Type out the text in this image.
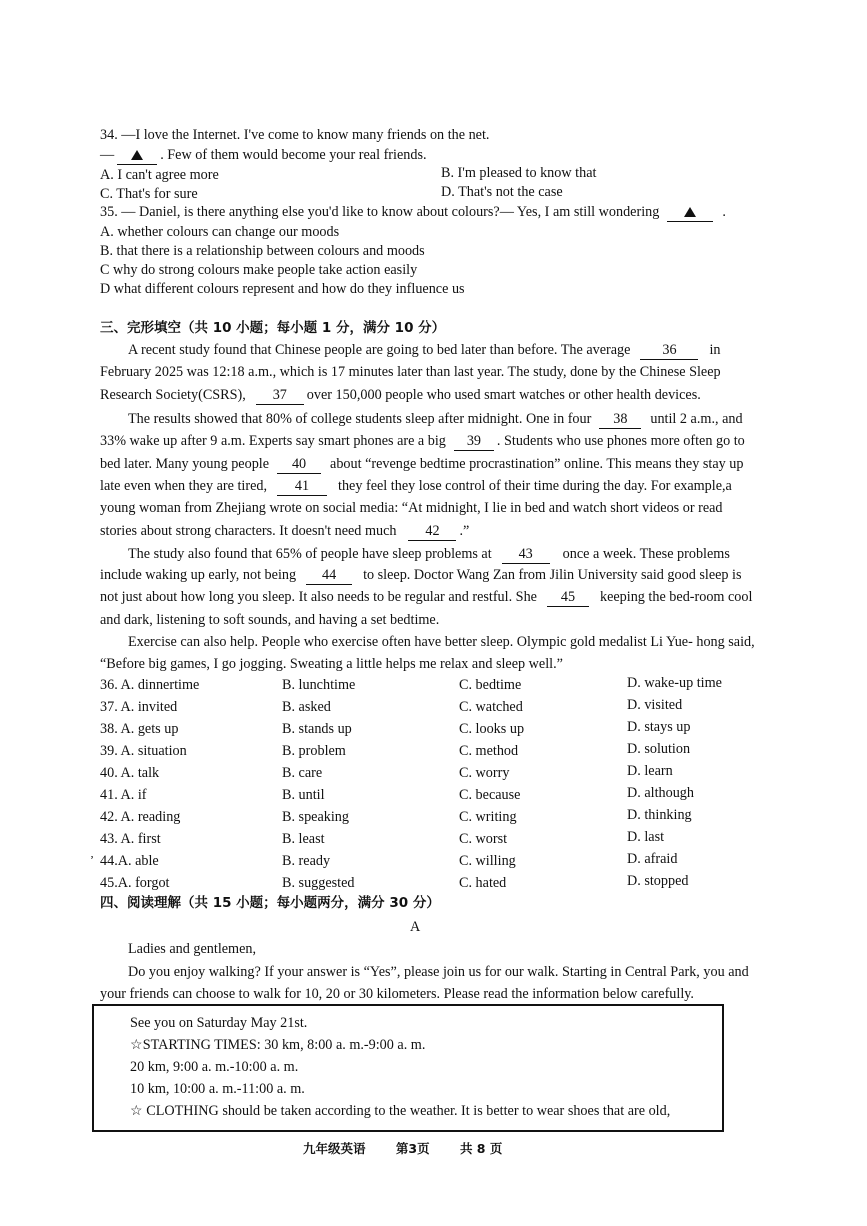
34. —I love the Internet. I've come to know many friends on the net.
—	. Few of them would become your real friends.
A. I can't agree more	B. I'm pleased to know that
C. That's for sure	D. That's not the case
35. — Daniel, is there anything else you'd like to know about colours?— Yes, I am still wondering	.
A. whether colours can change our moods
B. that there is a relationship between colours and moods
C why do strong colours make people take action easily
D what different colours represent and how do they influence us
三、完形填空（共 10 小题；每小题 1 分，满分 10 分）
A recent study found that Chinese people are going to bed later than before. The average 36 in
February 2025 was 12:18 a.m., which is 17 minutes later than last year. The study, done by the Chinese Sleep
Research Society(CSRS), 37 over 150,000 people who used smart watches or other health devices.
The results showed that 80% of college students sleep after midnight. One in four 38 until 2 a.m., and
33% wake up after 9 a.m. Experts say smart phones are a big 39 . Students who use phones more often go to
bed later. Many young people 40 about “revenge bedtime procrastination” online. This means they stay up
late even when they are tired, 41 they feel they lose control of their time during the day. For example,a
young woman from Zhejiang wrote on social media: “At midnight, I lie in bed and watch short videos or read
stories about strong characters. It doesn't need much 42 .”
The study also found that 65% of people have sleep problems at 43 once a week. These problems
include waking up early, not being 44 to sleep. Doctor Wang Zan from Jilin University said good sleep is
not just about how long you sleep. It also needs to be regular and restful. She 45 keeping the bed-room cool
and dark, listening to soft sounds, and having a set bedtime.
Exercise can also help. People who exercise often have better sleep. Olympic gold medalist Li Yue- hong said,
“Before big games, I go jogging. Sweating a little helps me relax and sleep well.”
36. A. dinnertime	B. lunchtime	C. bedtime	D. wake-up time
37. A. invited	B. asked	C. watched	D. visited
38. A. gets up	B. stands up	C. looks up	D. stays up
39. A. situation	B. problem	C. method	D. solution
40. A. talk	B. care	C. worry	D. learn
41. A. if	B. until	C. because	D. although
42. A. reading	B. speaking	C. writing	D. thinking
43. A. first	B. least	C. worst	D. last
44.A. able	B. ready	C. willing	D. afraid
45.A. forgot	B. suggested	C. hated	D. stopped
ʼ
四、阅读理解（共 15 小题；每小题两分，满分 30 分）
A
Ladies and gentlemen,
Do you enjoy walking? If your answer is “Yes”, please join us for our walk. Starting in Central Park, you and
your friends can choose to walk for 10, 20 or 30 kilometers. Please read the information below carefully.
See you on Saturday May 21st.
☆STARTING TIMES: 30 km, 8:00 a. m.-9:00 a. m.
20 km, 9:00 a. m.-10:00 a. m.
10 km, 10:00 a. m.-11:00 a. m.
☆ CLOTHING should be taken according to the weather. It is better to wear shoes that are old,
九年级英语 第3页 共 8 页
